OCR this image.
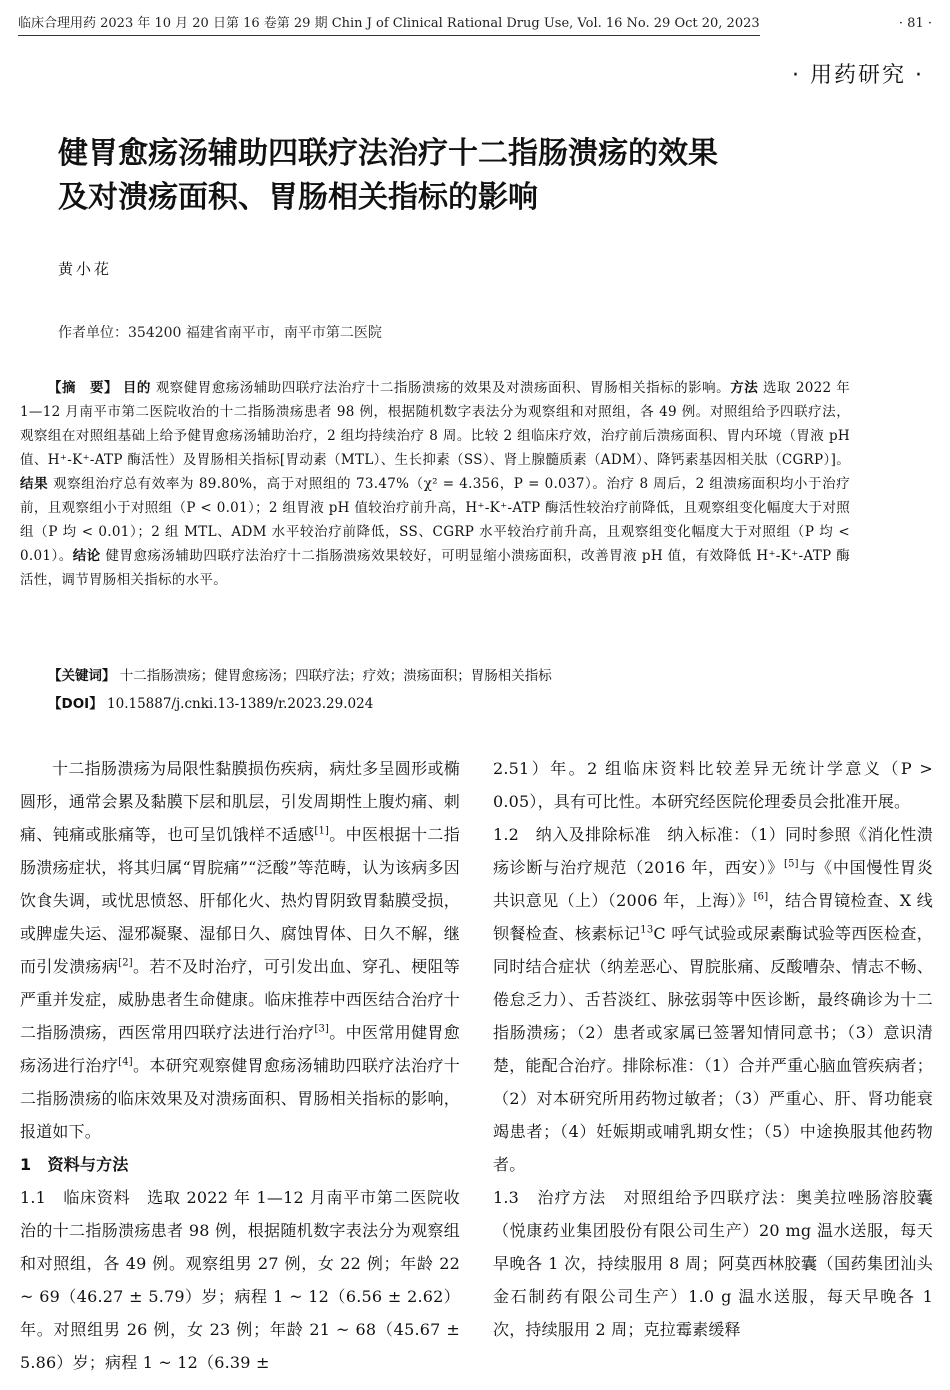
临床合理用药 2023 年 10 月 20 日第 16 卷第 29 期 Chin J of Clinical Rational Drug Use, Vol. 16 No. 29 Oct 20, 2023	· 81 ·
· 用药研究 ·
健胃愈疡汤辅助四联疗法治疗十二指肠溃疡的效果
及对溃疡面积、胃肠相关指标的影响
黄小花
作者单位：354200 福建省南平市，南平市第二医院

【摘　要】 目的 观察健胃愈疡汤辅助四联疗法治疗十二指肠溃疡的效果及对溃疡面积、胃肠相关指标的影响。方法 选取 2022 年 1—12 月南平市第二医院收治的十二指肠溃疡患者 98 例，根据随机数字表法分为观察组和对照组，各 49 例。对照组给予四联疗法，观察组在对照组基础上给予健胃愈疡汤辅助治疗，2 组均持续治疗 8 周。比较 2 组临床疗效，治疗前后溃疡面积、胃内环境（胃液 pH 值、H⁺-K⁺-ATP 酶活性）及胃肠相关指标[胃动素（MTL）、生长抑素（SS）、肾上腺髓质素（ADM）、降钙素基因相关肽（CGRP）]。结果 观察组治疗总有效率为 89.80%，高于对照组的 73.47%（χ² = 4.356，P = 0.037）。治疗 8 周后，2 组溃疡面积均小于治疗前，且观察组小于对照组（P < 0.01）；2 组胃液 pH 值较治疗前升高，H⁺-K⁺-ATP 酶活性较治疗前降低，且观察组变化幅度大于对照组（P 均 < 0.01）；2 组 MTL、ADM 水平较治疗前降低，SS、CGRP 水平较治疗前升高，且观察组变化幅度大于对照组（P 均 < 0.01）。结论 健胃愈疡汤辅助四联疗法治疗十二指肠溃疡效果较好，可明显缩小溃疡面积，改善胃液 pH 值，有效降低 H⁺-K⁺-ATP 酶活性，调节胃肠相关指标的水平。

【关键词】 十二指肠溃疡；健胃愈疡汤；四联疗法；疗效；溃疡面积；胃肠相关指标
【DOI】 10.15887/j.cnki.13-1389/r.2023.29.024

十二指肠溃疡为局限性黏膜损伤疾病，病灶多呈圆形或椭圆形，通常会累及黏膜下层和肌层，引发周期性上腹灼痛、刺痛、钝痛或胀痛等，也可呈饥饿样不适感[1]。中医根据十二指肠溃疡症状，将其归属“胃脘痛”“泛酸”等范畴，认为该病多因饮食失调，或忧思愤怒、肝郁化火、热灼胃阴致胃黏膜受损，或脾虚失运、湿邪凝聚、湿郁日久、腐蚀胃体、日久不解，继而引发溃疡病[2]。若不及时治疗，可引发出血、穿孔、梗阻等严重并发症，威胁患者生命健康。临床推荐中西医结合治疗十二指肠溃疡，西医常用四联疗法进行治疗[3]。中医常用健胃愈疡汤进行治疗[4]。本研究观察健胃愈疡汤辅助四联疗法治疗十二指肠溃疡的临床效果及对溃疡面积、胃肠相关指标的影响，报道如下。

1　资料与方法

1.1　临床资料　选取 2022 年 1—12 月南平市第二医院收治的十二指肠溃疡患者 98 例，根据随机数字表法分为观察组和对照组，各 49 例。观察组男 27 例，女 22 例；年龄 22 ~ 69（46.27 ± 5.79）岁；病程 1 ~ 12（6.56 ± 2.62）年。对照组男 26 例，女 23 例；年龄 21 ~ 68（45.67 ± 5.86）岁；病程 1 ~ 12（6.39 ±

2.51）年。2 组临床资料比较差异无统计学意义（P > 0.05），具有可比性。本研究经医院伦理委员会批准开展。

1.2　纳入及排除标准　纳入标准：（1）同时参照《消化性溃疡诊断与治疗规范（2016 年，西安）》[5]与《中国慢性胃炎共识意见（上）（2006 年，上海）》[6]，结合胃镜检查、X 线钡餐检查、核素标记$^{13}$C 呼气试验或尿素酶试验等西医检查，同时结合症状（纳差恶心、胃脘胀痛、反酸嘈杂、情志不畅、倦怠乏力）、舌苔淡红、脉弦弱等中医诊断，最终确诊为十二指肠溃疡；（2）患者或家属已签署知情同意书；（3）意识清楚，能配合治疗。排除标准：（1）合并严重心脑血管疾病者；（2）对本研究所用药物过敏者；（3）严重心、肝、肾功能衰竭患者；（4）妊娠期或哺乳期女性；（5）中途换服其他药物者。

1.3　治疗方法　对照组给予四联疗法：奥美拉唑肠溶胶囊（悦康药业集团股份有限公司生产）20 mg 温水送服，每天早晚各 1 次，持续服用 8 周；阿莫西林胶囊（国药集团汕头金石制药有限公司生产）1.0 g 温水送服，每天早晚各 1 次，持续服用 2 周；克拉霉素缓释
